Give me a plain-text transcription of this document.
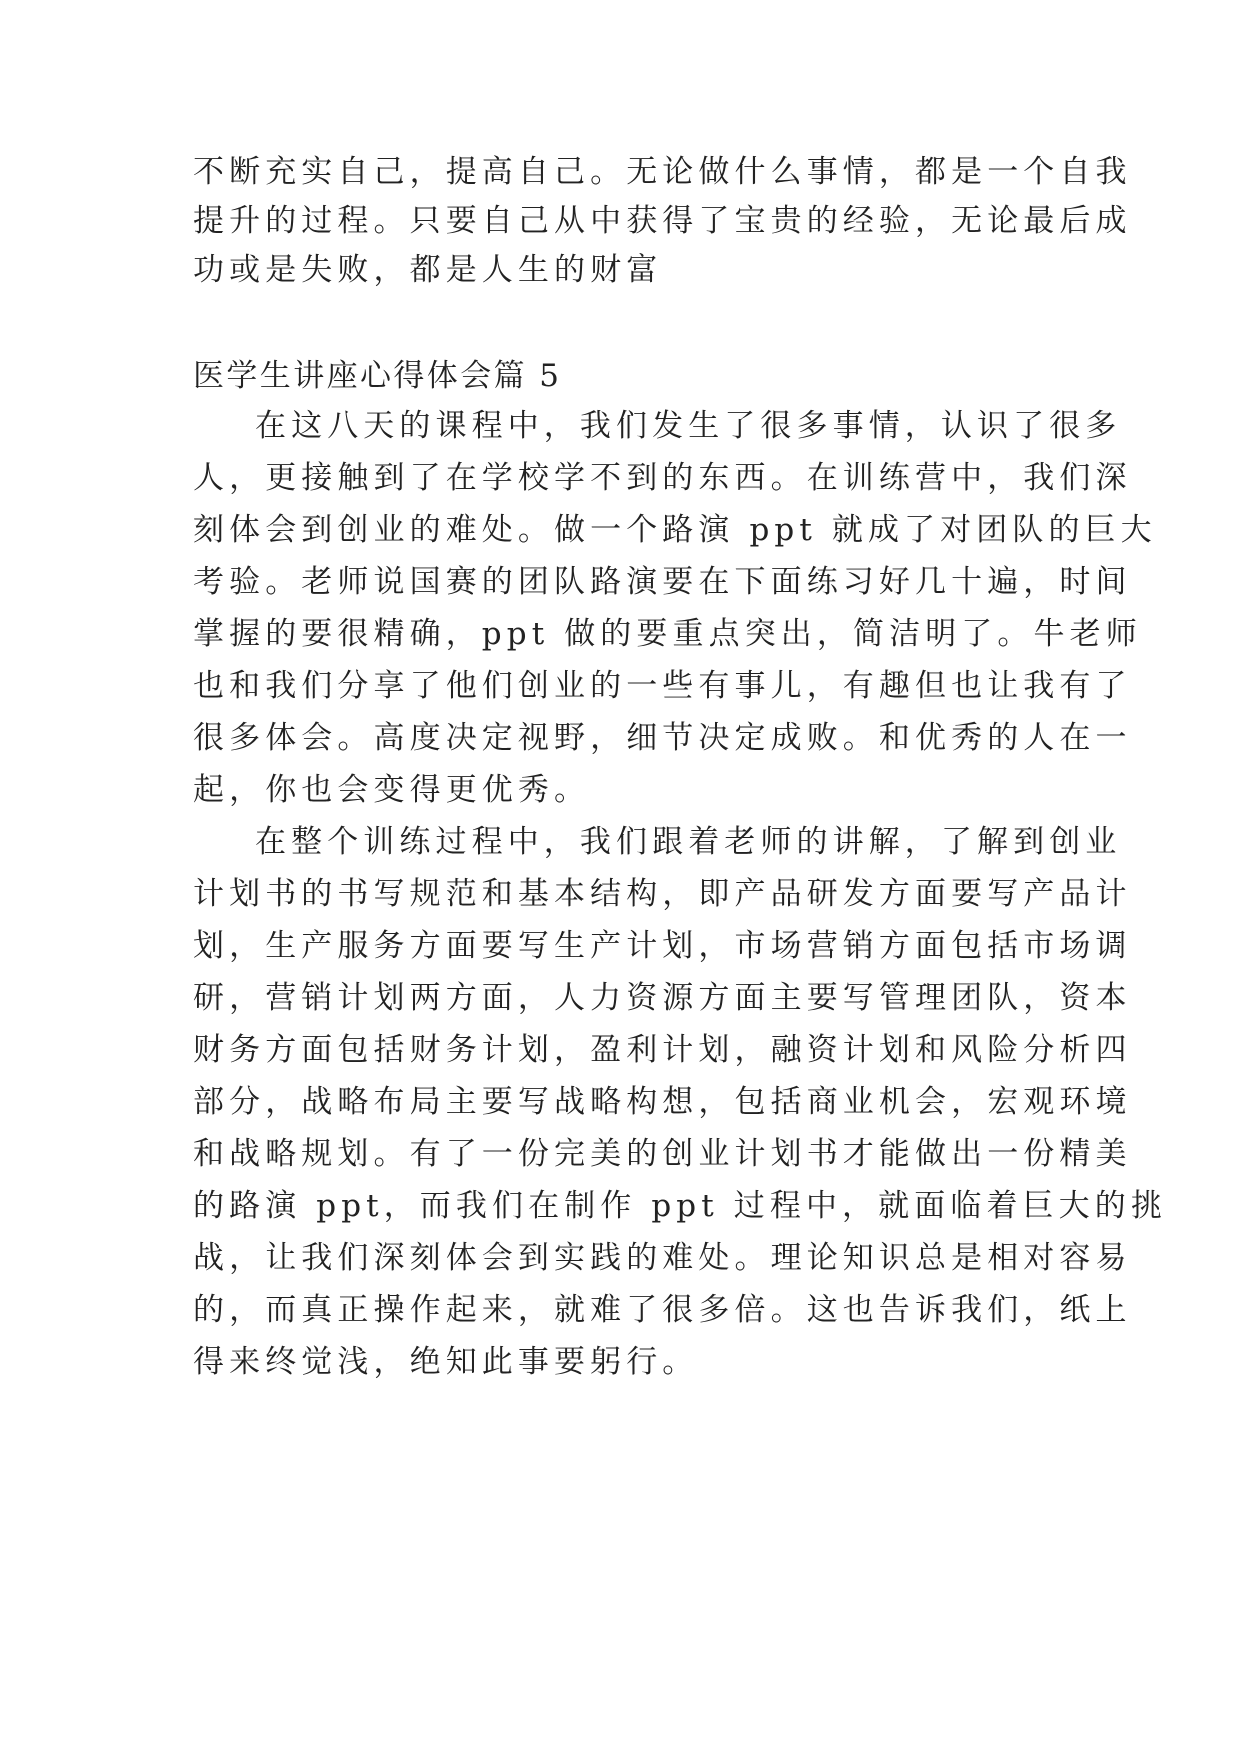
不断充实自己，提高自己。无论做什么事情，都是一个自我
提升的过程。只要自己从中获得了宝贵的经验，无论最后成
功或是失败，都是人生的财富
医学生讲座心得体会篇 5
在这八天的课程中，我们发生了很多事情，认识了很多
人，更接触到了在学校学不到的东西。在训练营中，我们深
刻体会到创业的难处。做一个路演 ppt 就成了对团队的巨大
考验。老师说国赛的团队路演要在下面练习好几十遍，时间
掌握的要很精确，ppt 做的要重点突出，简洁明了。牛老师
也和我们分享了他们创业的一些有事儿，有趣但也让我有了
很多体会。高度决定视野，细节决定成败。和优秀的人在一
起，你也会变得更优秀。
在整个训练过程中，我们跟着老师的讲解，了解到创业
计划书的书写规范和基本结构，即产品研发方面要写产品计
划，生产服务方面要写生产计划，市场营销方面包括市场调
研，营销计划两方面，人力资源方面主要写管理团队，资本
财务方面包括财务计划，盈利计划，融资计划和风险分析四
部分，战略布局主要写战略构想，包括商业机会，宏观环境
和战略规划。有了一份完美的创业计划书才能做出一份精美
的路演 ppt，而我们在制作 ppt 过程中，就面临着巨大的挑
战，让我们深刻体会到实践的难处。理论知识总是相对容易
的，而真正操作起来，就难了很多倍。这也告诉我们，纸上
得来终觉浅，绝知此事要躬行。
